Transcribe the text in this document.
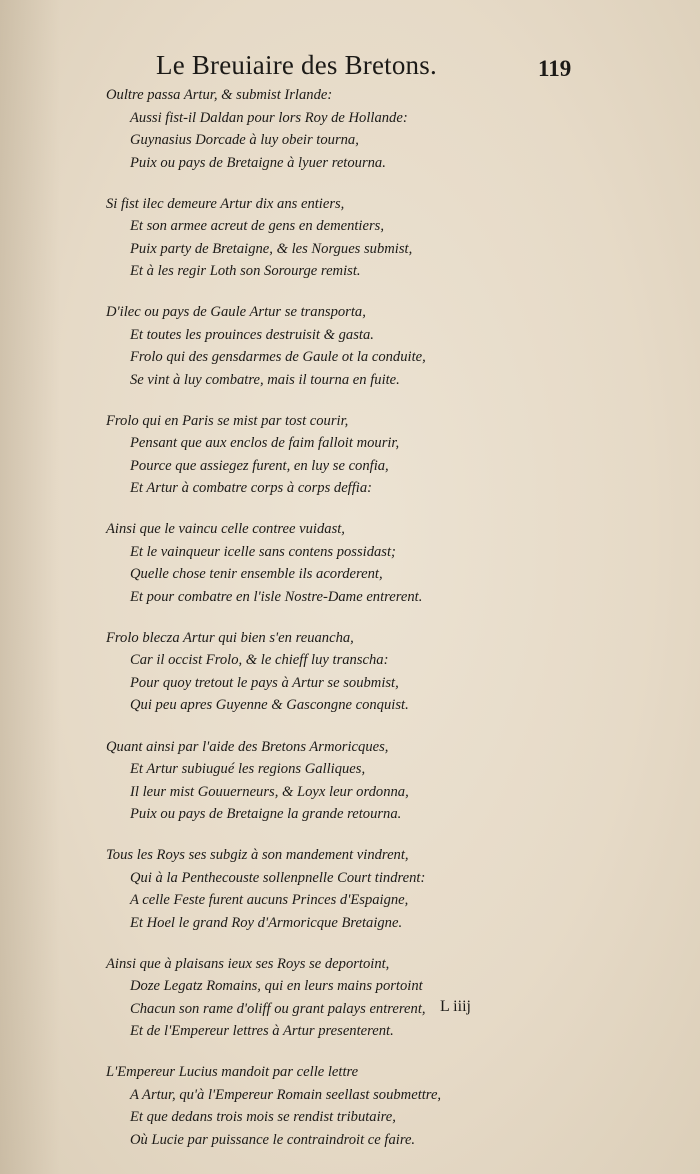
Le Breuiaire des Bretons.	119
Oultre passa Artur, & submist Irlande:
Aussi fist-il Daldan pour lors Roy de Hollande:
Guynasius Dorcade à luy obeir tourna,
Puix ou pays de Bretaigne à lyuer retourna.
Si fist ilec demeure Artur dix ans entiers,
Et son armee acreut de gens en dementiers,
Puix party de Bretaigne, & les Norgues submist,
Et à les regir Loth son Sorourge remist.
D'ilec ou pays de Gaule Artur se transporta,
Et toutes les prouinces destruisit & gasta.
Frolo qui des gensdarmes de Gaule ot la conduite,
Se vint à luy combatre, mais il tourna en fuite.
Frolo qui en Paris se mist par tost courir,
Pensant que aux enclos de faim falloit mourir,
Pource que assiegez furent, en luy se confia,
Et Artur à combatre corps à corps deffia:
Ainsi que le vaincu celle contree vuidast,
Et le vainqueur icelle sans contens possidast;
Quelle chose tenir ensemble ils acorderent,
Et pour combatre en l'isle Nostre-Dame entrerent.
Frolo blecza Artur qui bien s'en reuancha,
Car il occist Frolo, & le chieff luy transcha:
Pour quoy tretout le pays à Artur se soubmist,
Qui peu apres Guyenne & Gascongne conquist.
Quant ainsi par l'aide des Bretons Armoricques,
Et Artur subiugué les regions Galliques,
Il leur mist Gouuerneurs, & Loyx leur ordonna,
Puix ou pays de Bretaigne la grande retourna.
Tous les Roys ses subgiz à son mandement vindrent,
Qui à la Penthecouste sollenpnelle Court tindrent:
A celle Feste furent aucuns Princes d'Espaigne,
Et Hoel le grand Roy d'Armoricque Bretaigne.
Ainsi que à plaisans ieux ses Roys se deportoint,
Doze Legatz Romains, qui en leurs mains portoint
Chacun son rame d'oliff ou grant palays entrerent,
Et de l'Empereur lettres à Artur presenterent.
L'Empereur Lucius mandoit par celle lettre
A Artur, qu'à l'Empereur Romain seellast soubmettre,
Et que dedans trois mois se rendist tributaire,
Où Lucie par puissance le contraindroit ce faire.
L iiij
